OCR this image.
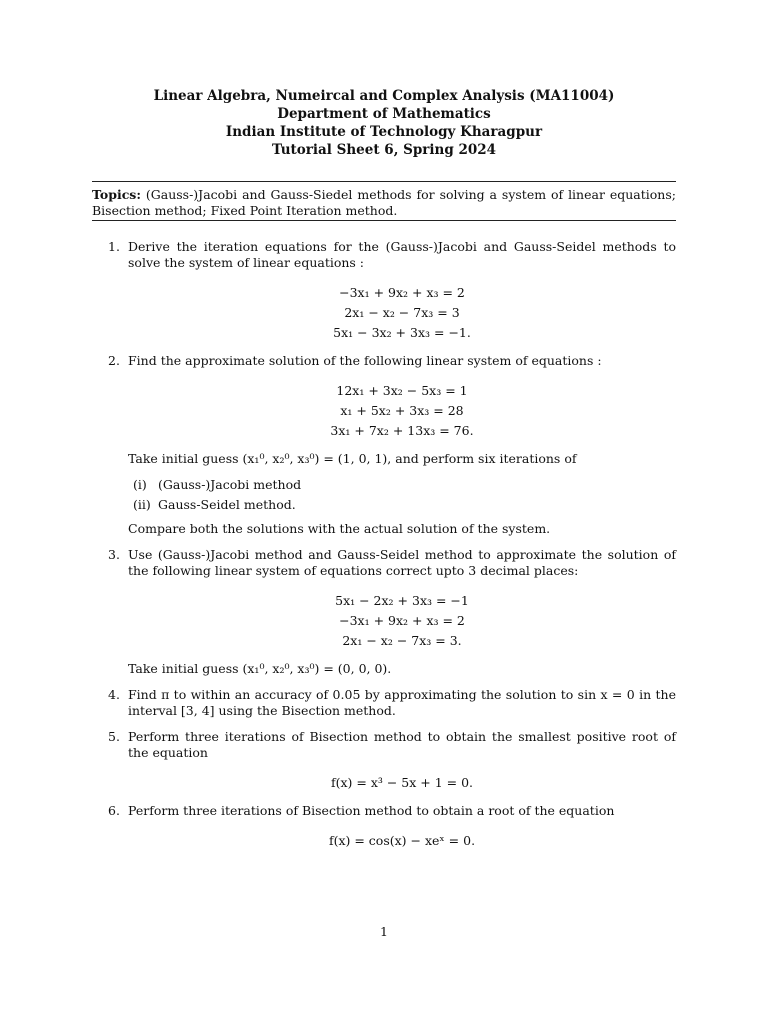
Linear Algebra, Numeircal and Complex Analysis (MA11004)
Department of Mathematics
Indian Institute of Technology Kharagpur
Tutorial Sheet 6, Spring 2024
Topics: (Gauss-)Jacobi and Gauss-Siedel methods for solving a system of linear equations; Bisection method; Fixed Point Iteration method.
1. Derive the iteration equations for the (Gauss-)Jacobi and Gauss-Seidel methods to solve the system of linear equations :
−3x₁ + 9x₂ + x₃ = 2
2x₁ − x₂ − 7x₃ = 3
5x₁ − 3x₂ + 3x₃ = −1.
2. Find the approximate solution of the following linear system of equations :
12x₁ + 3x₂ − 5x₃ = 1
x₁ + 5x₂ + 3x₃ = 28
3x₁ + 7x₂ + 13x₃ = 76.
Take initial guess (x₁⁰, x₂⁰, x₃⁰) = (1, 0, 1), and perform six iterations of
(i) (Gauss-)Jacobi method
(ii) Gauss-Seidel method.
Compare both the solutions with the actual solution of the system.
3. Use (Gauss-)Jacobi method and Gauss-Seidel method to approximate the solution of the following linear system of equations correct upto 3 decimal places:
5x₁ − 2x₂ + 3x₃ = −1
−3x₁ + 9x₂ + x₃ = 2
2x₁ − x₂ − 7x₃ = 3.
Take initial guess (x₁⁰, x₂⁰, x₃⁰) = (0, 0, 0).
4. Find π to within an accuracy of 0.05 by approximating the solution to sin x = 0 in the interval [3, 4] using the Bisection method.
5. Perform three iterations of Bisection method to obtain the smallest positive root of the equation
f(x) = x³ − 5x + 1 = 0.
6. Perform three iterations of Bisection method to obtain a root of the equation
f(x) = cos(x) − xeˣ = 0.
1
